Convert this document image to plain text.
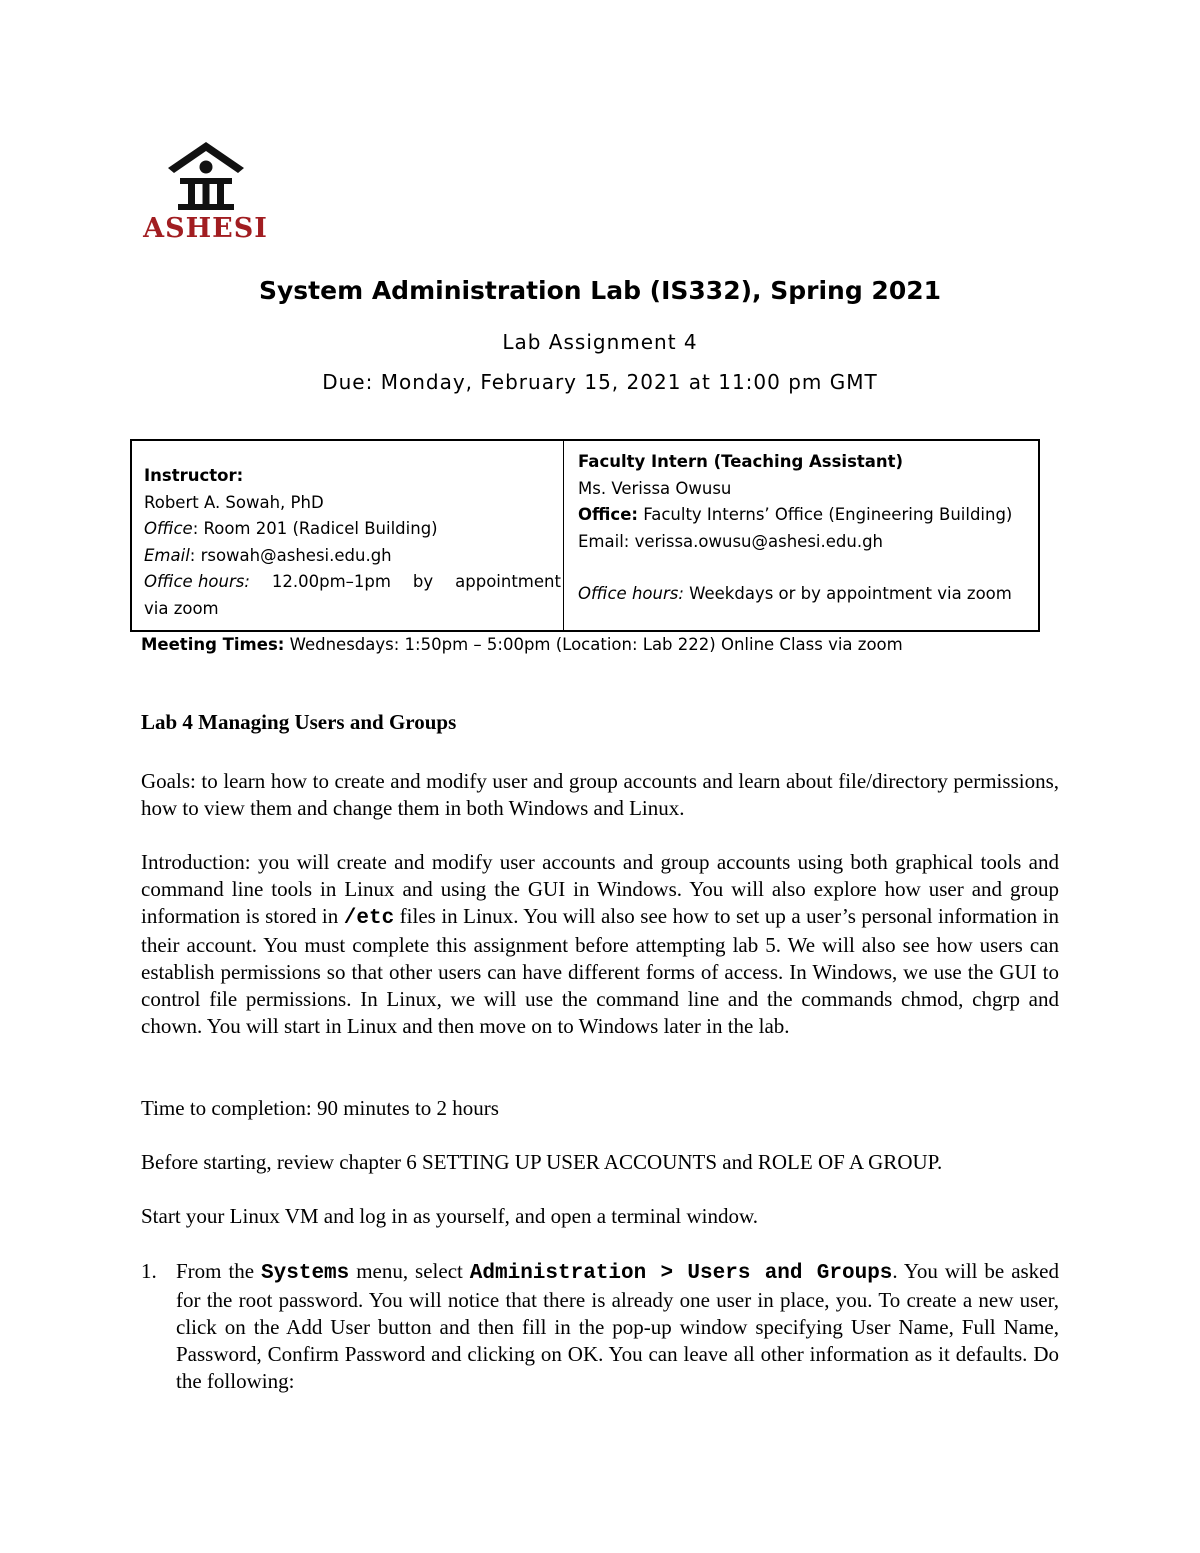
ASHESI
System Administration Lab (IS332), Spring 2021
Lab Assignment 4
Due: Monday, February 15, 2021 at 11:00 pm GMT
Instructor:
Robert A. Sowah, PhD
Office: Room 201 (Radicel Building)
Email: rsowah@ashesi.edu.gh
Office hours: 12.00pm–1pm by appointment
via zoom
Faculty Intern (Teaching Assistant)
Ms. Verissa Owusu
Office: Faculty Interns’ Office (Engineering Building)
Email: verissa.owusu@ashesi.edu.gh
Office hours: Weekdays or by appointment via zoom
Meeting Times: Wednesdays: 1:50pm – 5:00pm (Location: Lab 222) Online Class via zoom
Lab 4 Managing Users and Groups
Goals: to learn how to create and modify user and group accounts and learn about file/directory permissions, how to view them and change them in both Windows and Linux.
Introduction: you will create and modify user accounts and group accounts using both graphical tools and command line tools in Linux and using the GUI in Windows. You will also explore how user and group information is stored in /etc files in Linux. You will also see how to set up a user’s personal information in their account. You must complete this assignment before attempting lab 5. We will also see how users can establish permissions so that other users can have different forms of access. In Windows, we use the GUI to control file permissions. In Linux, we will use the command line and the commands chmod, chgrp and chown. You will start in Linux and then move on to Windows later in the lab.
Time to completion: 90 minutes to 2 hours
Before starting, review chapter 6 SETTING UP USER ACCOUNTS and ROLE OF A GROUP.
Start your Linux VM and log in as yourself, and open a terminal window.
1. From the Systems menu, select Administration > Users and Groups. You will be asked for the root password. You will notice that there is already one user in place, you. To create a new user, click on the Add User button and then fill in the pop-up window specifying User Name, Full Name, Password, Confirm Password and clicking on OK. You can leave all other information as it defaults. Do the following:
